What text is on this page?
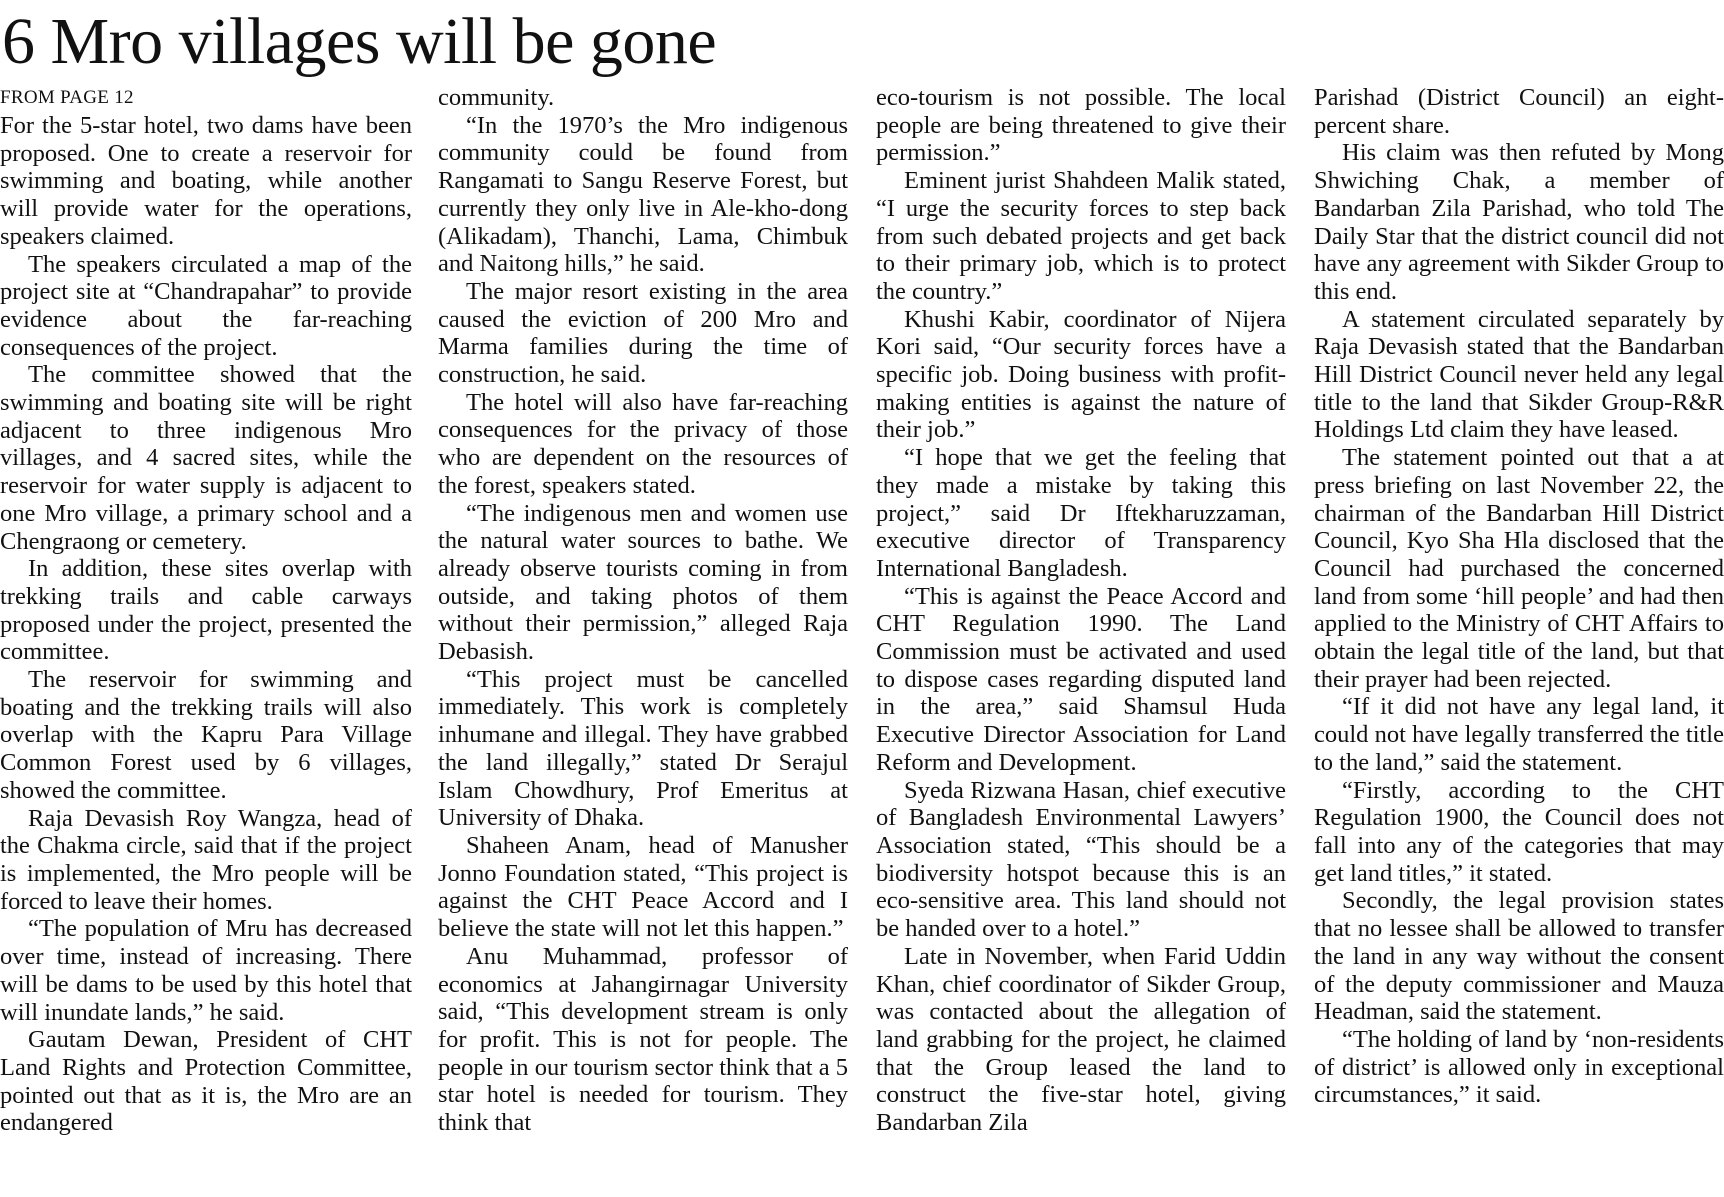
6 Mro villages will be gone
FROM PAGE 12

For the 5-star hotel, two dams have been proposed. One to create a reservoir for swimming and boating, while another will provide water for the operations, speakers claimed.

The speakers circulated a map of the project site at “Chandrapahar” to provide evidence about the far-reaching consequences of the project.

The committee showed that the swimming and boating site will be right adjacent to three indigenous Mro villages, and 4 sacred sites, while the reservoir for water supply is adjacent to one Mro village, a primary school and a Chengraong or cemetery.

In addition, these sites overlap with trekking trails and cable carways proposed under the project, presented the committee.

The reservoir for swimming and boating and the trekking trails will also overlap with the Kapru Para Village Common Forest used by 6 villages, showed the committee.

Raja Devasish Roy Wangza, head of the Chakma circle, said that if the project is implemented, the Mro people will be forced to leave their homes.

“The population of Mru has decreased over time, instead of increasing. There will be dams to be used by this hotel that will inundate lands,” he said.

Gautam Dewan, President of CHT Land Rights and Protection Committee, pointed out that as it is, the Mro are an endangered

community.

“In the 1970’s the Mro indigenous community could be found from Rangamati to Sangu Reserve Forest, but currently they only live in Ale-kho-dong (Alikadam), Thanchi, Lama, Chimbuk and Naitong hills,” he said.

The major resort existing in the area caused the eviction of 200 Mro and Marma families during the time of construction, he said.

The hotel will also have far-reaching consequences for the privacy of those who are dependent on the resources of the forest, speakers stated.

“The indigenous men and women use the natural water sources to bathe. We already observe tourists coming in from outside, and taking photos of them without their permission,” alleged Raja Debasish.

“This project must be cancelled immediately. This work is completely inhumane and illegal. They have grabbed the land illegally,” stated Dr Serajul Islam Chowdhury, Prof Emeritus at University of Dhaka.

Shaheen Anam, head of Manusher Jonno Foundation stated, “This project is against the CHT Peace Accord and I believe the state will not let this happen.”

Anu Muhammad, professor of economics at Jahangirnagar University said, “This development stream is only for profit. This is not for people. The people in our tourism sector think that a 5 star hotel is needed for tourism. They think that

eco-tourism is not possible. The local people are being threatened to give their permission.”

Eminent jurist Shahdeen Malik stated, “I urge the security forces to step back from such debated projects and get back to their primary job, which is to protect the country.”

Khushi Kabir, coordinator of Nijera Kori said, “Our security forces have a specific job. Doing business with profit-making entities is against the nature of their job.”

“I hope that we get the feeling that they made a mistake by taking this project,” said Dr Iftekharuzzaman, executive director of Transparency International Bangladesh.

“This is against the Peace Accord and CHT Regulation 1990. The Land Commission must be activated and used to dispose cases regarding disputed land in the area,” said Shamsul Huda Executive Director Association for Land Reform and Development.

Syeda Rizwana Hasan, chief executive of Bangladesh Environmental Lawyers’ Association stated, “This should be a biodiversity hotspot because this is an eco-sensitive area. This land should not be handed over to a hotel.”

Late in November, when Farid Uddin Khan, chief coordinator of Sikder Group, was contacted about the allegation of land grabbing for the project, he claimed that the Group leased the land to construct the five-star hotel, giving Bandarban Zila

Parishad (District Council) an eight-percent share.

His claim was then refuted by Mong Shwiching Chak, a member of Bandarban Zila Parishad, who told The Daily Star that the district council did not have any agreement with Sikder Group to this end.

A statement circulated separately by Raja Devasish stated that the Bandarban Hill District Council never held any legal title to the land that Sikder Group-R&R Holdings Ltd claim they have leased.

The statement pointed out that a at press briefing on last November 22, the chairman of the Bandarban Hill District Council, Kyo Sha Hla disclosed that the Council had purchased the concerned land from some ‘hill people’ and had then applied to the Ministry of CHT Affairs to obtain the legal title of the land, but that their prayer had been rejected.

“If it did not have any legal land, it could not have legally transferred the title to the land,” said the statement.

“Firstly, according to the CHT Regulation 1900, the Council does not fall into any of the categories that may get land titles,” it stated.

Secondly, the legal provision states that no lessee shall be allowed to transfer the land in any way without the consent of the deputy commissioner and Mauza Headman, said the statement.

“The holding of land by ‘non-residents of district’ is allowed only in exceptional circumstances,” it said.
